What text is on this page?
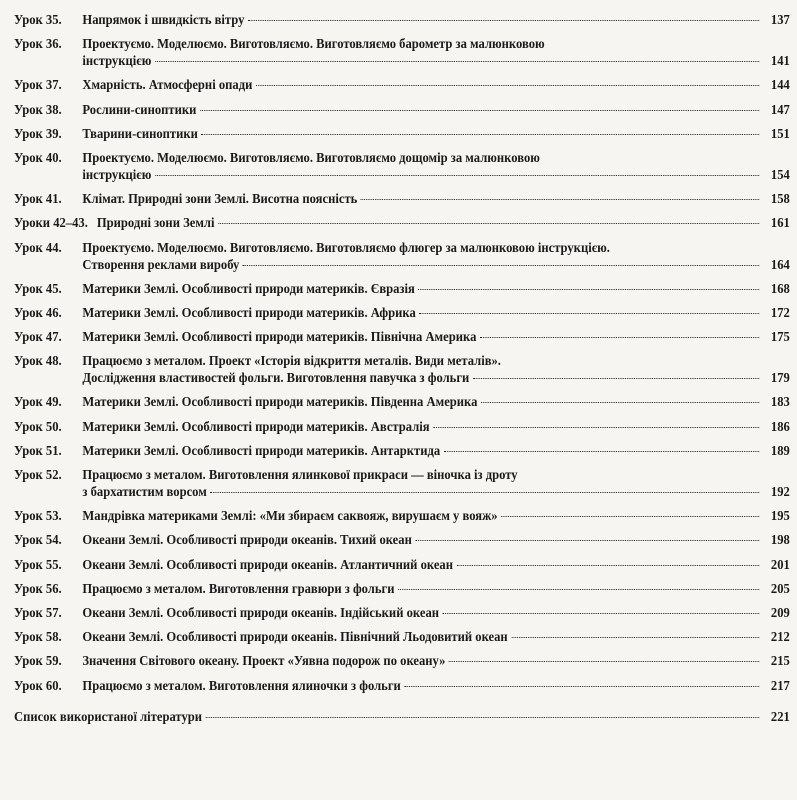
Урок 35.	Напрямок і швидкість вітру	137
Урок 36.	Проектуємо. Моделюємо. Виготовляємо. Виготовляємо барометр за малюнковою
інструкцією	141
Урок 37.	Хмарність. Атмосферні опади	144
Урок 38.	Рослини-синоптики	147
Урок 39.	Тварини-синоптики	151
Урок 40.	Проектуємо. Моделюємо. Виготовляємо. Виготовляємо дощомір за малюнковою
інструкцією	154
Урок 41.	Клімат. Природні зони Землі. Висотна поясність	158
Уроки 42–43. Природні зони Землі	161
Урок 44.	Проектуємо. Моделюємо. Виготовляємо. Виготовляємо флюгер за малюнковою інструкцією.
Створення реклами виробу	164
Урок 45.	Материки Землі. Особливості природи материків. Євразія	168
Урок 46.	Материки Землі. Особливості природи материків. Африка	172
Урок 47.	Материки Землі. Особливості природи материків. Північна Америка	175
Урок 48.	Працюємо з металом. Проект «Історія відкриття металів. Види металів».
Дослідження властивостей фольги. Виготовлення павучка з фольги	179
Урок 49.	Материки Землі. Особливості природи материків. Південна Америка	183
Урок 50.	Материки Землі. Особливості природи материків. Австралія	186
Урок 51.	Материки Землі. Особливості природи материків. Антарктида	189
Урок 52.	Працюємо з металом. Виготовлення ялинкової прикраси — віночка із дроту
з бархатистим ворсом	192
Урок 53.	Мандрівка материками Землі: «Ми збираєм саквояж, вирушаєм у вояж»	195
Урок 54.	Океани Землі. Особливості природи океанів. Тихий океан	198
Урок 55.	Океани Землі. Особливості природи океанів. Атлантичний океан	201
Урок 56.	Працюємо з металом. Виготовлення гравюри з фольги	205
Урок 57.	Океани Землі. Особливості природи океанів. Індійський океан	209
Урок 58.	Океани Землі. Особливості природи океанів. Північний Льодовитий океан	212
Урок 59.	Значення Світового океану. Проект «Уявна подорож по океану»	215
Урок 60.	Працюємо з металом. Виготовлення ялиночки з фольги	217
Список використаної літератури	221
